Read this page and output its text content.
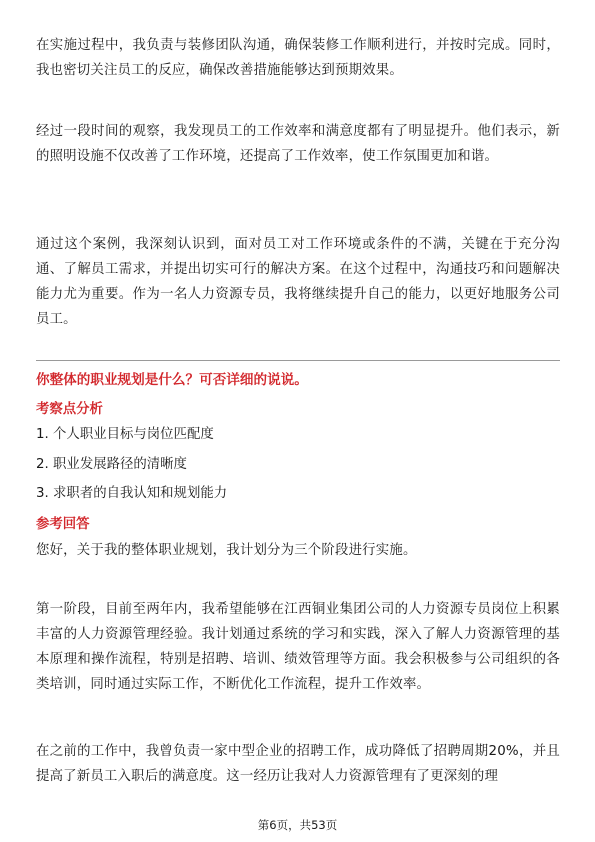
在实施过程中，我负责与装修团队沟通，确保装修工作顺利进行，并按时完成。同时，我也密切关注员工的反应，确保改善措施能够达到预期效果。

经过一段时间的观察，我发现员工的工作效率和满意度都有了明显提升。他们表示，新的照明设施不仅改善了工作环境，还提高了工作效率，使工作氛围更加和谐。

通过这个案例，我深刻认识到，面对员工对工作环境或条件的不满，关键在于充分沟通、了解员工需求，并提出切实可行的解决方案。在这个过程中，沟通技巧和问题解决能力尤为重要。作为一名人力资源专员，我将继续提升自己的能力，以更好地服务公司员工。

你整体的职业规划是什么？可否详细的说说。

考察点分析

1. 个人职业目标与岗位匹配度

2. 职业发展路径的清晰度

3. 求职者的自我认知和规划能力

参考回答

您好，关于我的整体职业规划，我计划分为三个阶段进行实施。

第一阶段，目前至两年内，我希望能够在江西铜业集团公司的人力资源专员岗位上积累丰富的人力资源管理经验。我计划通过系统的学习和实践，深入了解人力资源管理的基本原理和操作流程，特别是招聘、培训、绩效管理等方面。我会积极参与公司组织的各类培训，同时通过实际工作，不断优化工作流程，提升工作效率。

在之前的工作中，我曾负责一家中型企业的招聘工作，成功降低了招聘周期20%，并且提高了新员工入职后的满意度。这一经历让我对人力资源管理有了更深刻的理

第6页，共53页
